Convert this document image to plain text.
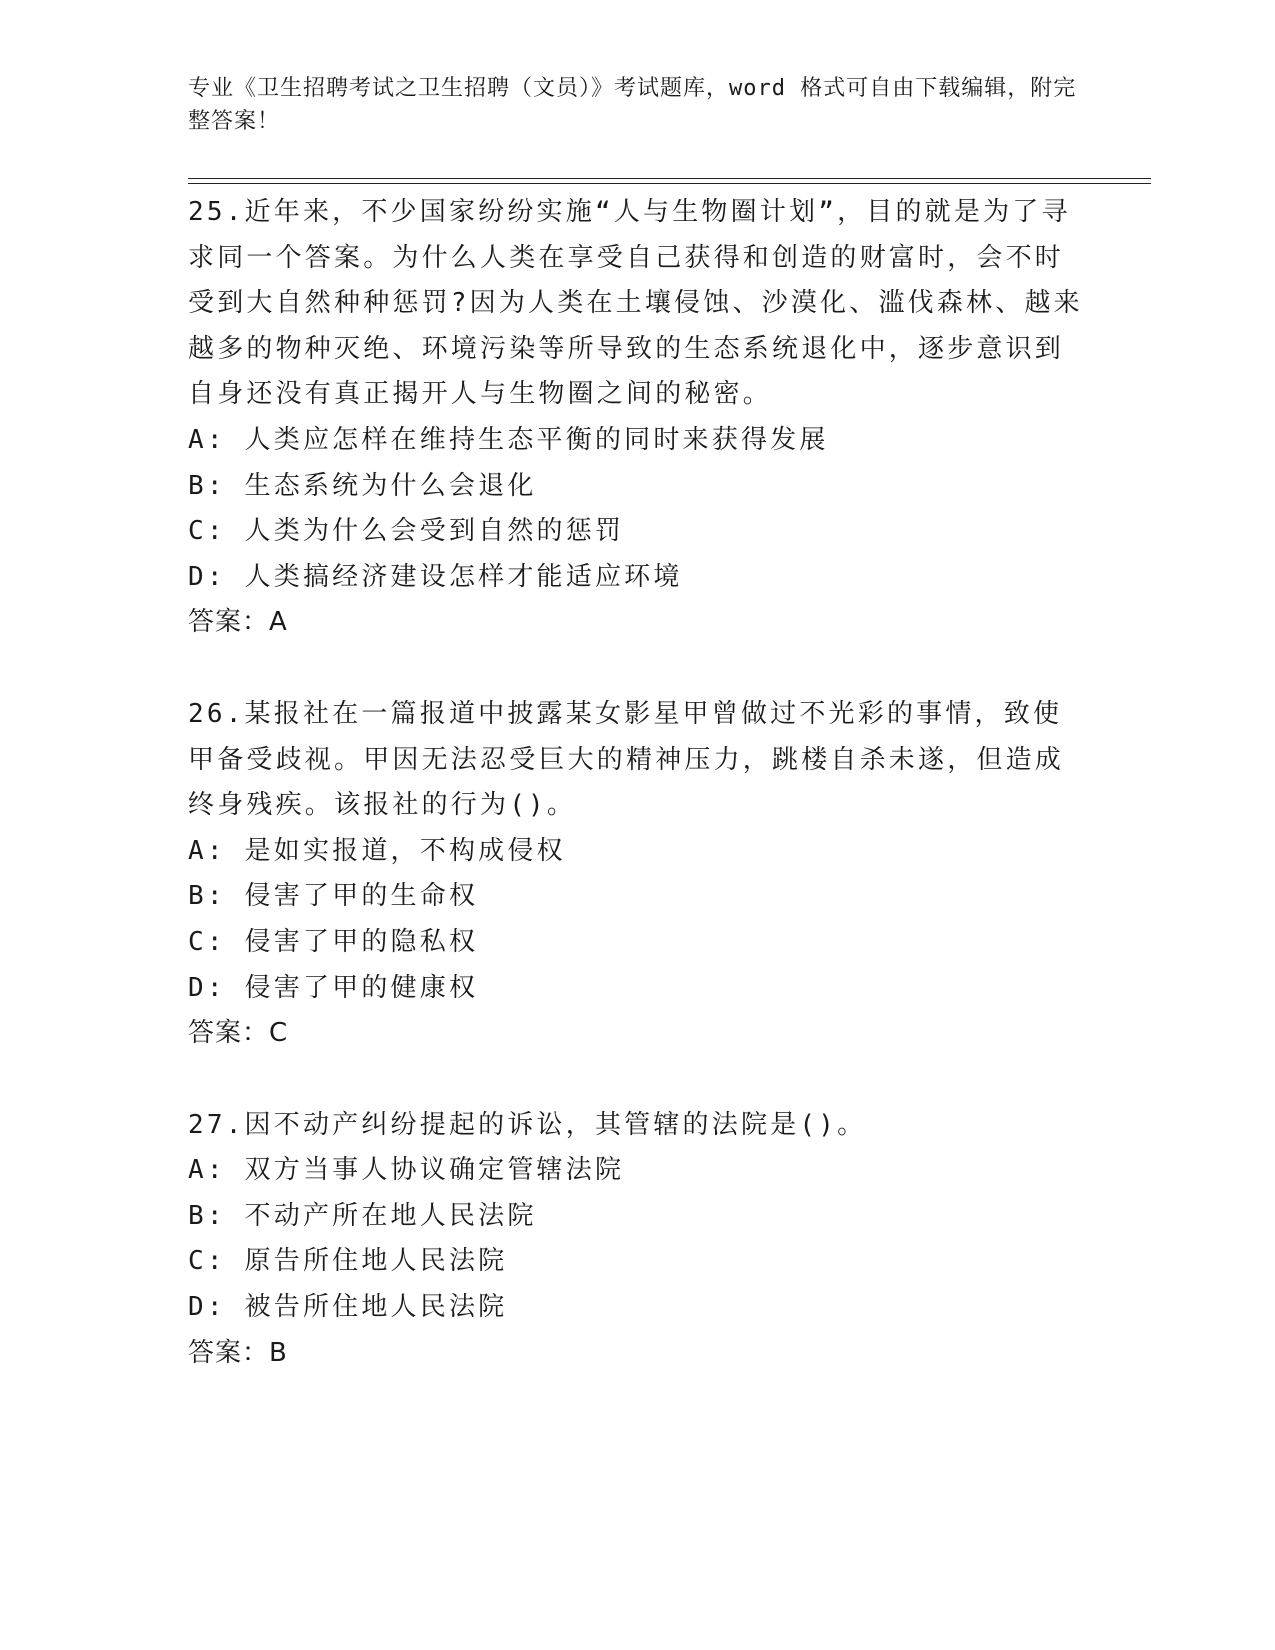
专业《卫生招聘考试之卫生招聘（文员）》考试题库，word 格式可自由下载编辑，附完整答案！

25.近年来，不少国家纷纷实施“人与生物圈计划”，目的就是为了寻求同一个答案。为什么人类在享受自己获得和创造的财富时，会不时受到大自然种种惩罚?因为人类在土壤侵蚀、沙漠化、滥伐森林、越来越多的物种灭绝、环境污染等所导致的生态系统退化中，逐步意识到自身还没有真正揭开人与生物圈之间的秘密。

A: 人类应怎样在维持生态平衡的同时来获得发展

B: 生态系统为什么会退化

C: 人类为什么会受到自然的惩罚

D: 人类搞经济建设怎样才能适应环境

答案：A

26.某报社在一篇报道中披露某女影星甲曾做过不光彩的事情，致使甲备受歧视。甲因无法忍受巨大的精神压力，跳楼自杀未遂，但造成终身残疾。该报社的行为()。

A: 是如实报道，不构成侵权

B: 侵害了甲的生命权

C: 侵害了甲的隐私权

D: 侵害了甲的健康权

答案：C

27.因不动产纠纷提起的诉讼，其管辖的法院是()。

A: 双方当事人协议确定管辖法院

B: 不动产所在地人民法院

C: 原告所住地人民法院

D: 被告所住地人民法院

答案：B
